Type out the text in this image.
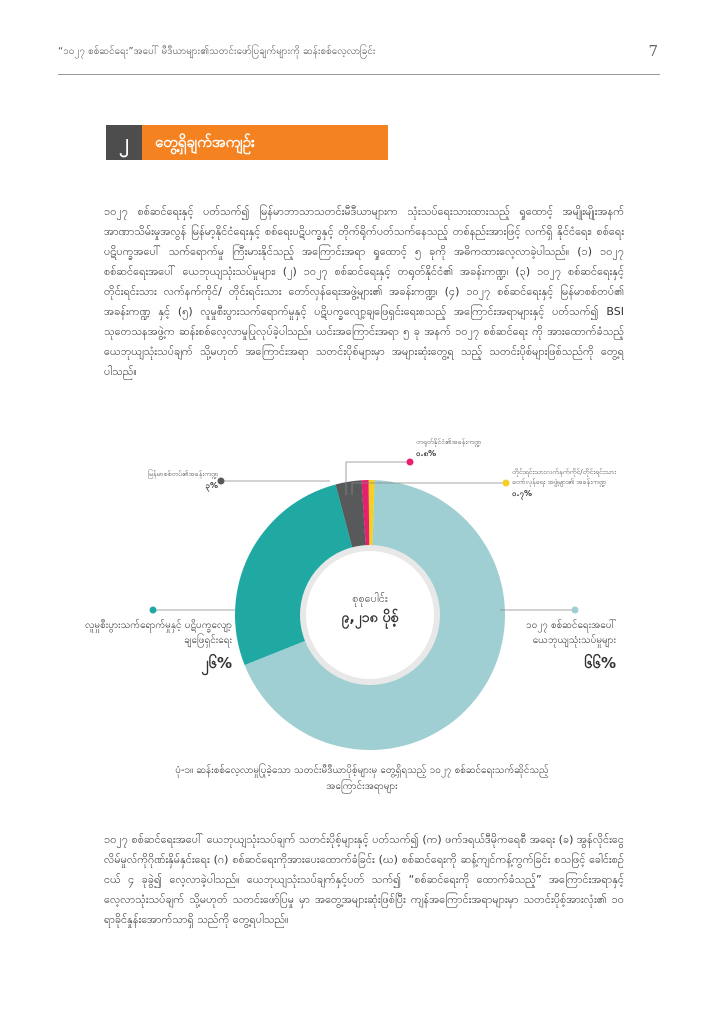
“၁၀၂၇ စစ်ဆင်ရေး”အပေါ် မီဒီယာများ၏သတင်းဖော်ပြချက်များကို ဆန်းစစ်လေ့လာခြင်း	7
၂	တွေ့ရှိချက်အကျဉ်း
၁၀၂၇ စစ်ဆင်ရေးနှင့် ပတ်သက်၍ မြန်မာဘာသာသတင်းမီဒီယာများက သုံးသပ်ရေးသားထားသည့် ရှုထောင့် အမျိုးမျိုးအနက် အာဏာသိမ်းမှုအလွန် မြန်မာ့နိုင်ငံရေးနှင့် စစ်ရေးပဋိပက္ခနှင့် တိုက်ရိုက်ပတ်သက်နေသည့် တစ်နည်းအားဖြင့် လက်ရှိ နိုင်ငံရေး၊ စစ်ရေး ပဋိပက္ခအပေါ် သက်ရောက်မှု ကြီးမားနိုင်သည့် အကြောင်းအရာ ရှုထောင့် ၅ ခုကို အဓိကထားလေ့လာခဲ့ပါသည်။ (၁) ၁၀၂၇ စစ်ဆင်ရေးအပေါ် ယေဘုယျသုံးသပ်မှုများ၊ (၂) ၁၀၂၇ စစ်ဆင်ရေးနှင့် တရုတ်နိုင်ငံ၏ အခန်းကဏ္ဍ၊ (၃) ၁၀၂၇ စစ်ဆင်ရေးနှင့်တိုင်းရင်းသား လက်နက်ကိုင်/ တိုင်းရင်းသား တော်လှန်ရေးအဖွဲ့များ၏ အခန်းကဏ္ဍ၊ (၄) ၁၀၂၇ စစ်ဆင်ရေးနှင့် မြန်မာစစ်တပ်၏ အခန်းကဏ္ဍ နှင့် (၅) လူမှုစီးပွားသက်ရောက်မှုနှင့် ပဋိပက္ခလျော့ချဖြေရှင်းရေးစသည့် အကြောင်းအရာများနှင့် ပတ်သက်၍ BSI သုတေသနအဖွဲ့က ဆန်းစစ်လေ့လာမှုပြုလုပ်ခဲ့ပါသည်။ ယင်းအကြောင်းအရာ ၅ ခု အနက် ၁၀၂၇ စစ်ဆင်ရေး ကို အားထောက်ခံသည့် ယေဘုယျသုံးသပ်ချက် သို့မဟုတ် အကြောင်းအရာ သတင်းပိုစ်များမှာ အများဆုံးတွေ့ရ သည့် သတင်းပိုစ်များဖြစ်သည်ကို တွေ့ရပါသည်။
စုစုပေါင်း
၉,၂၁၈ ပိုစ့်	၁၀၂၇ စစ်ဆင်ရေးအပေါ် ယေဘုယျသုံးသပ်မှုများ
၆၆%
လူမှုစီးပွားသက်ရောက်မှုနှင့် ပဋိပက္ခလျော့ချဖြေရှင်းရေး
၂၆%
မြန်မာစစ်တပ်၏အခန်းကဏ္ဍ
၃%
တရုတ်နိုင်ငံ၏အခန်းကဏ္ဍ
၀.၈%
တိုင်းရင်းသားလက်နက်ကိုင်/တိုင်းရင်းသားတော်လှန်ရေး အဖွဲ့များ၏ အခန်းကဏ္ဍ
၀.၇%
ပုံ-၁။ ဆန်းစစ်လေ့လာမှုပြုခဲ့သော သတင်းမီဒီယာပိုစ့်များမှ တွေ့ရှိရသည့် ၁၀၂၇ စစ်ဆင်ရေးသက်ဆိုင်သည့် အကြောင်းအရာများ
၁၀၂၇ စစ်ဆင်ရေးအပေါ် ယေဘုယျသုံးသပ်ချက် သတင်းပိုစ့်များနှင့် ပတ်သက်၍ (က) ဖက်ဒရယ်ဒီမိုကရေစီ အရေး (ခ) အွန်လိုင်းငွေလိမ်မှုလ်ကိုဂိုဏ်းနှိမ်နှင်းရေး (ဂ) စစ်ဆင်ရေးကိုအားပေးထောက်ခံခြင်း (ဃ) စစ်ဆင်ရေးကို ဆန့်ကျင်ကန့်ကွက်ခြင်း စသဖြင့် ခေါင်းစဉ်ငယ် ၄ ခုခွဲ၍ လေ့လာခဲ့ပါသည်။ ယေဘုယျသုံးသပ်ချက်နှင့်ပတ် သက်၍ “စစ်ဆင်ရေးကို ထောက်ခံသည့်” အကြောင်းအရာနှင့် လေ့လာသုံးသပ်ချက် သို့မဟုတ် သတင်းဖော်ပြမှု မှာ အတွေ့အများဆုံးဖြစ်ပြီး ကျန်အကြောင်းအရာများမှာ သတင်းပိုစ့်အားလုံး၏ ၁၀ ရာခိုင်နှုန်းအောက်သာရှိ သည်ကို တွေ့ရပါသည်။
